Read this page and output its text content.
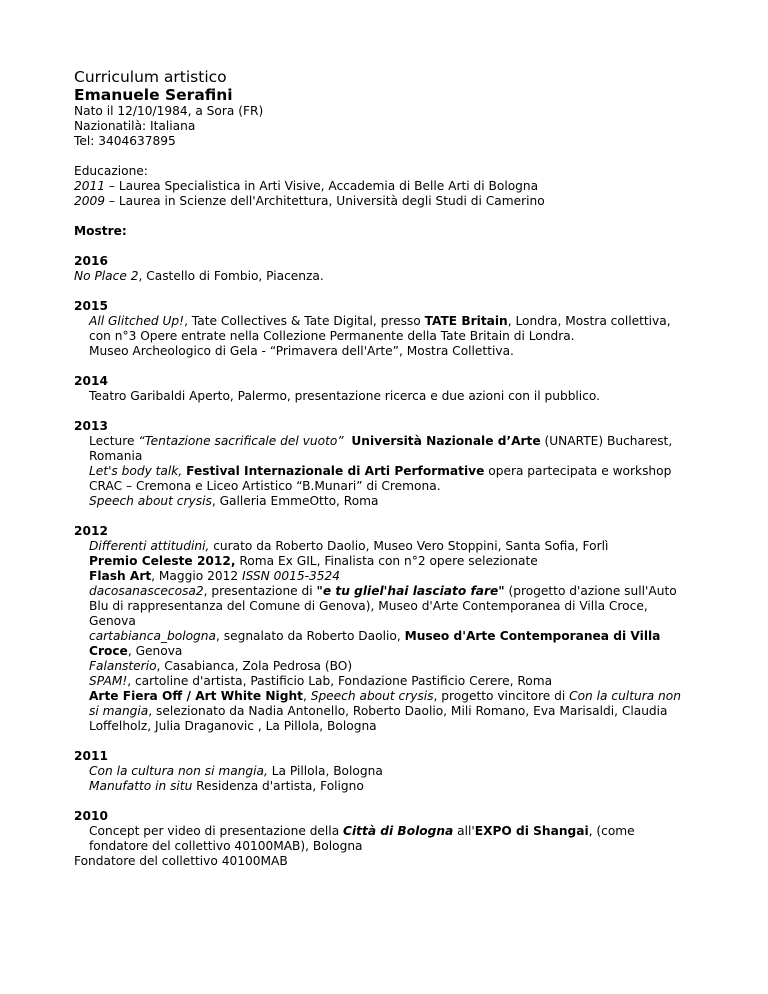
Curriculum artistico
Emanuele Serafini
Nato il 12/10/1984, a Sora (FR)
Nazionatilà: Italiana
Tel: 3404637895
Educazione:
2011 – Laurea Specialistica in Arti Visive, Accademia di Belle Arti di Bologna
2009 – Laurea in Scienze dell'Architettura, Università degli Studi di Camerino
Mostre:
2016
No Place 2, Castello di Fombio, Piacenza.
2015
All Glitched Up!, Tate Collectives & Tate Digital, presso TATE Britain, Londra, Mostra collettiva, con n°3 Opere entrate nella Collezione Permanente della Tate Britain di Londra.
Museo Archeologico di Gela - “Primavera dell'Arte”, Mostra Collettiva.
2014
Teatro Garibaldi Aperto, Palermo, presentazione ricerca e due azioni con il pubblico.
2013
Lecture “Tentazione sacrificale del vuoto” Università Nazionale d’Arte (UNARTE) Bucharest, Romania
Let's body talk, Festival Internazionale di Arti Performative opera partecipata e workshop CRAC – Cremona e Liceo Artistico “B.Munari” di Cremona.
Speech about crysis, Galleria EmmeOtto, Roma
2012
Differenti attitudini, curato da Roberto Daolio, Museo Vero Stoppini, Santa Sofia, Forlì
Premio Celeste 2012, Roma Ex GIL, Finalista con n°2 opere selezionate
Flash Art, Maggio 2012 ISSN 0015-3524
dacosanascecosa2, presentazione di "e tu gliel'hai lasciato fare" (progetto d'azione sull'Auto Blu di rappresentanza del Comune di Genova), Museo d'Arte Contemporanea di Villa Croce, Genova
cartabianca_bologna, segnalato da Roberto Daolio, Museo d'Arte Contemporanea di Villa Croce, Genova
Falansterio, Casabianca, Zola Pedrosa (BO)
SPAM!, cartoline d'artista, Pastificio Lab, Fondazione Pastificio Cerere, Roma
Arte Fiera Off / Art White Night, Speech about crysis, progetto vincitore di Con la cultura non si mangia, selezionato da Nadia Antonello, Roberto Daolio, Mili Romano, Eva Marisaldi, Claudia Loffelholz, Julia Draganovic , La Pillola, Bologna
2011
Con la cultura non si mangia, La Pillola, Bologna
Manufatto in situ Residenza d'artista, Foligno
2010
Concept per video di presentazione della Città di Bologna all'EXPO di Shangai, (come fondatore del collettivo 40100MAB), Bologna
Fondatore del collettivo 40100MAB
